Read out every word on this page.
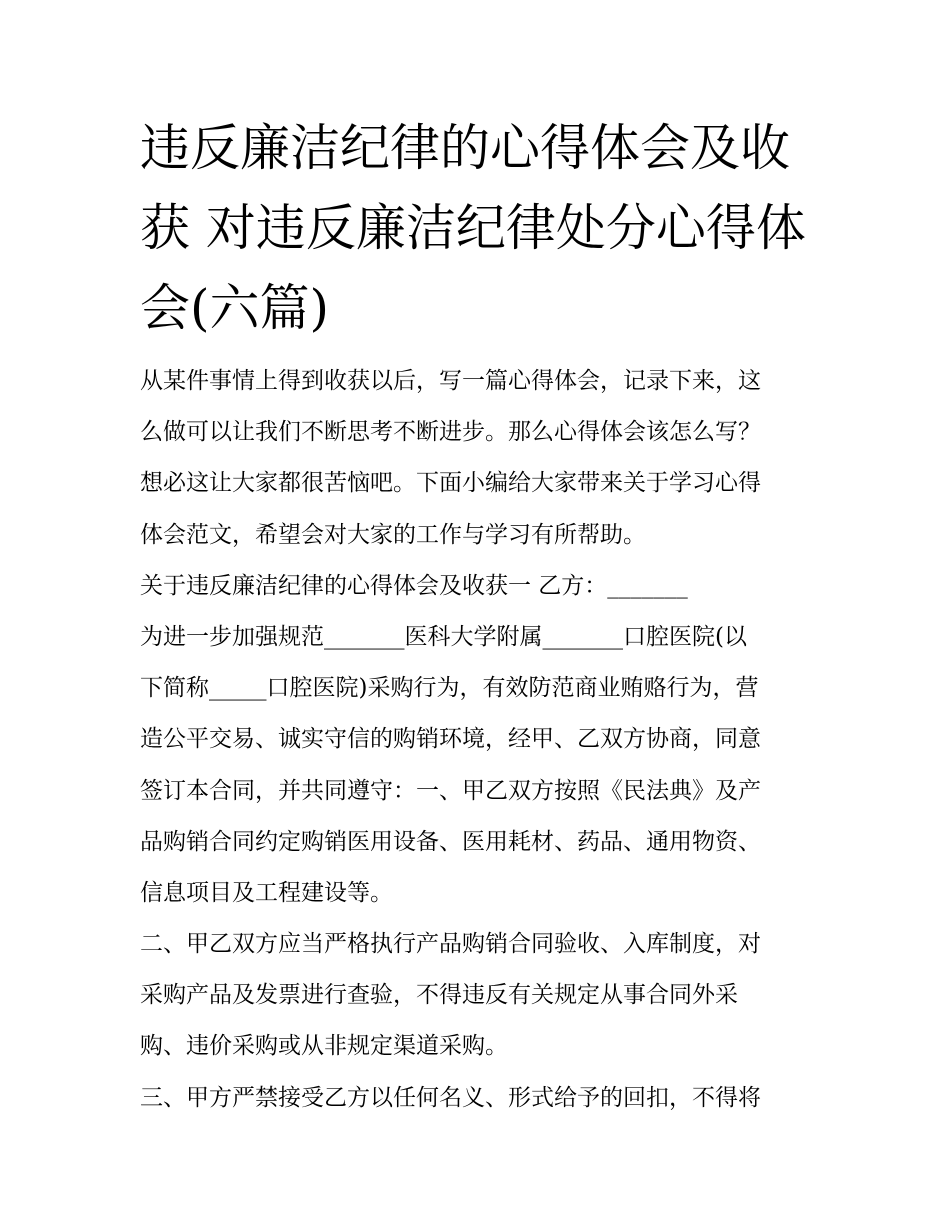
违反廉洁纪律的心得体会及收
获 对违反廉洁纪律处分心得体
会(六篇)
从某件事情上得到收获以后，写一篇心得体会，记录下来，这
么做可以让我们不断思考不断进步。那么心得体会该怎么写？
想必这让大家都很苦恼吧。下面小编给大家带来关于学习心得
体会范文，希望会对大家的工作与学习有所帮助。
关于违反廉洁纪律的心得体会及收获一 乙方：_______
为进一步加强规范_______医科大学附属_______口腔医院(以
下简称_____口腔医院)采购行为，有效防范商业贿赂行为，营
造公平交易、诚实守信的购销环境，经甲、乙双方协商，同意
签订本合同，并共同遵守：一、甲乙双方按照《民法典》及产
品购销合同约定购销医用设备、医用耗材、药品、通用物资、
信息项目及工程建设等。
二、甲乙双方应当严格执行产品购销合同验收、入库制度，对
采购产品及发票进行查验，不得违反有关规定从事合同外采
购、违价采购或从非规定渠道采购。
三、甲方严禁接受乙方以任何名义、形式给予的回扣，不得将
